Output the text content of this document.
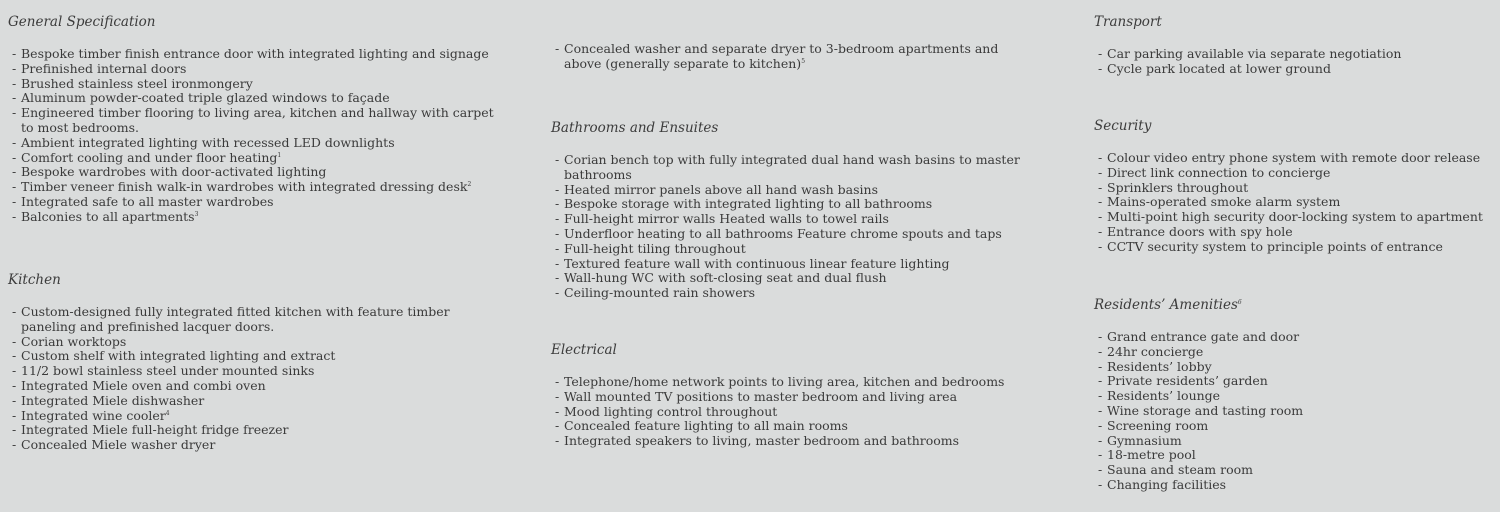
General Specification
- Bespoke timber finish entrance door with integrated lighting and signage
- Prefinished internal doors
- Brushed stainless steel ironmongery
- Aluminum powder-coated triple glazed windows to façade
- Engineered timber flooring to living area, kitchen and hallway with carpet to most bedrooms.
- Ambient integrated lighting with recessed LED downlights
- Comfort cooling and under floor heating$^1$
- Bespoke wardrobes with door-activated lighting
- Timber veneer finish walk-in wardrobes with integrated dressing desk$^2$
- Integrated safe to all master wardrobes
- Balconies to all apartments$^3$
Kitchen
- Custom-designed fully integrated fitted kitchen with feature timber paneling and prefinished lacquer doors.
- Corian worktops
- Custom shelf with integrated lighting and extract
- 11/2 bowl stainless steel under mounted sinks
- Integrated Miele oven and combi oven
- Integrated Miele dishwasher
- Integrated wine cooler$^4$
- Integrated Miele full-height fridge freezer
- Concealed Miele washer dryer
- Concealed washer and separate dryer to 3-bedroom apartments and above (generally separate to kitchen)$^5$
Bathrooms and Ensuites
- Corian bench top with fully integrated dual hand wash basins to master bathrooms
- Heated mirror panels above all hand wash basins
- Bespoke storage with integrated lighting to all bathrooms
- Full-height mirror walls Heated walls to towel rails
- Underfloor heating to all bathrooms Feature chrome spouts and taps
- Full-height tiling throughout
- Textured feature wall with continuous linear feature lighting
- Wall-hung WC with soft-closing seat and dual flush
- Ceiling-mounted rain showers
Electrical
- Telephone/home network points to living area, kitchen and bedrooms
- Wall mounted TV positions to master bedroom and living area
- Mood lighting control throughout
- Concealed feature lighting to all main rooms
- Integrated speakers to living, master bedroom and bathrooms
Transport
- Car parking available via separate negotiation
- Cycle park located at lower ground
Security
- Colour video entry phone system with remote door release
- Direct link connection to concierge
- Sprinklers throughout
- Mains-operated smoke alarm system
- Multi-point high security door-locking system to apartment
- Entrance doors with spy hole
- CCTV security system to principle points of entrance
Residents’ Amenities$^6$
- Grand entrance gate and door
- 24hr concierge
- Residents’ lobby
- Private residents’ garden
- Residents’ lounge
- Wine storage and tasting room
- Screening room
- Gymnasium
- 18-metre pool
- Sauna and steam room
- Changing facilities
